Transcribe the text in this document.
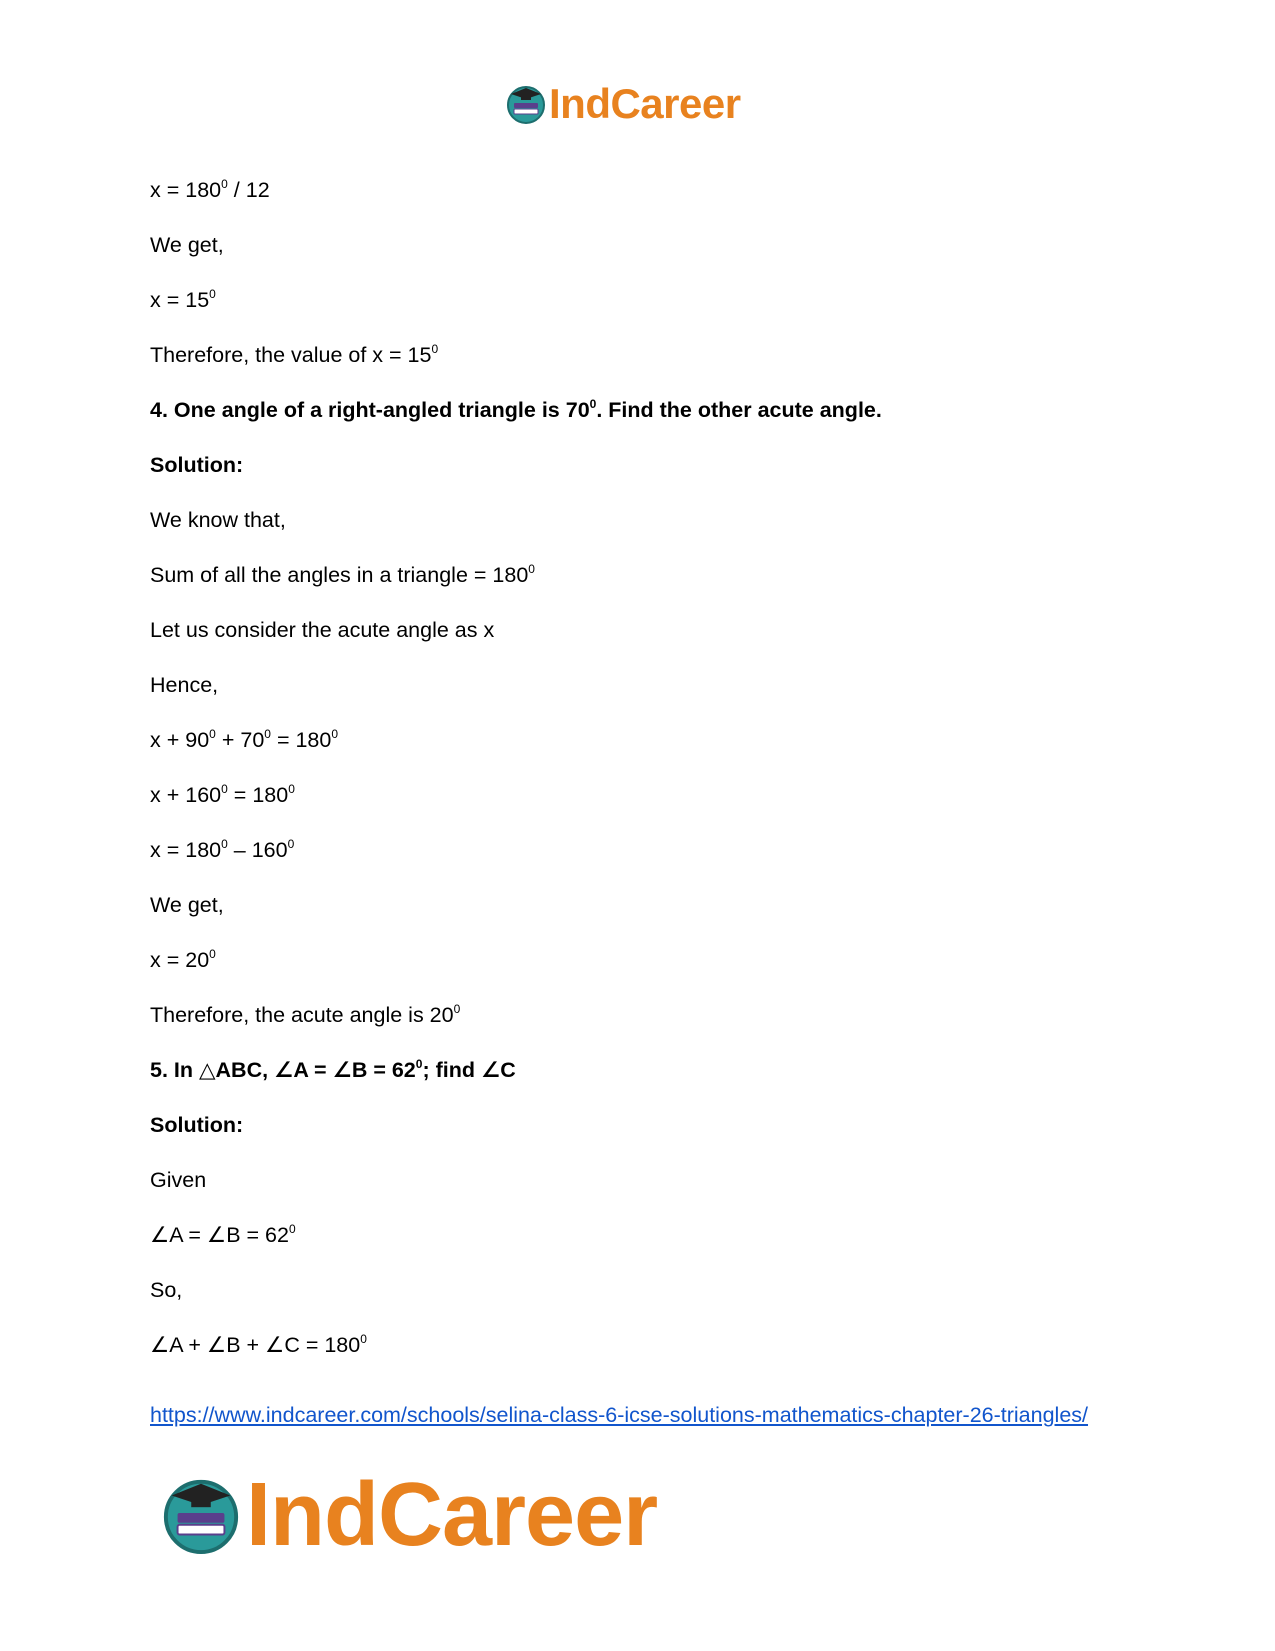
IndCareer
$x = 180^0 / 12$
We get,
$x = 15^0$
Therefore, the value of $x = 15^0$
4. One angle of a right-angled triangle is $70^0$. Find the other acute angle.
Solution:
We know that,
Sum of all the angles in a triangle = $180^0$
Let us consider the acute angle as x
Hence,
$x + 90^0 + 70^0 = 180^0$
$x + 160^0 = 180^0$
$x = 180^0 - 160^0$
We get,
$x = 20^0$
Therefore, the acute angle is $20^0$
5. In △ABC, ∠A = ∠B = $62^0$; find ∠C
Solution:
Given
∠A = ∠B = $62^0$
So,
∠A + ∠B + ∠C = $180^0$
https://www.indcareer.com/schools/selina-class-6-icse-solutions-mathematics-chapter-26-triangles/
IndCareer
